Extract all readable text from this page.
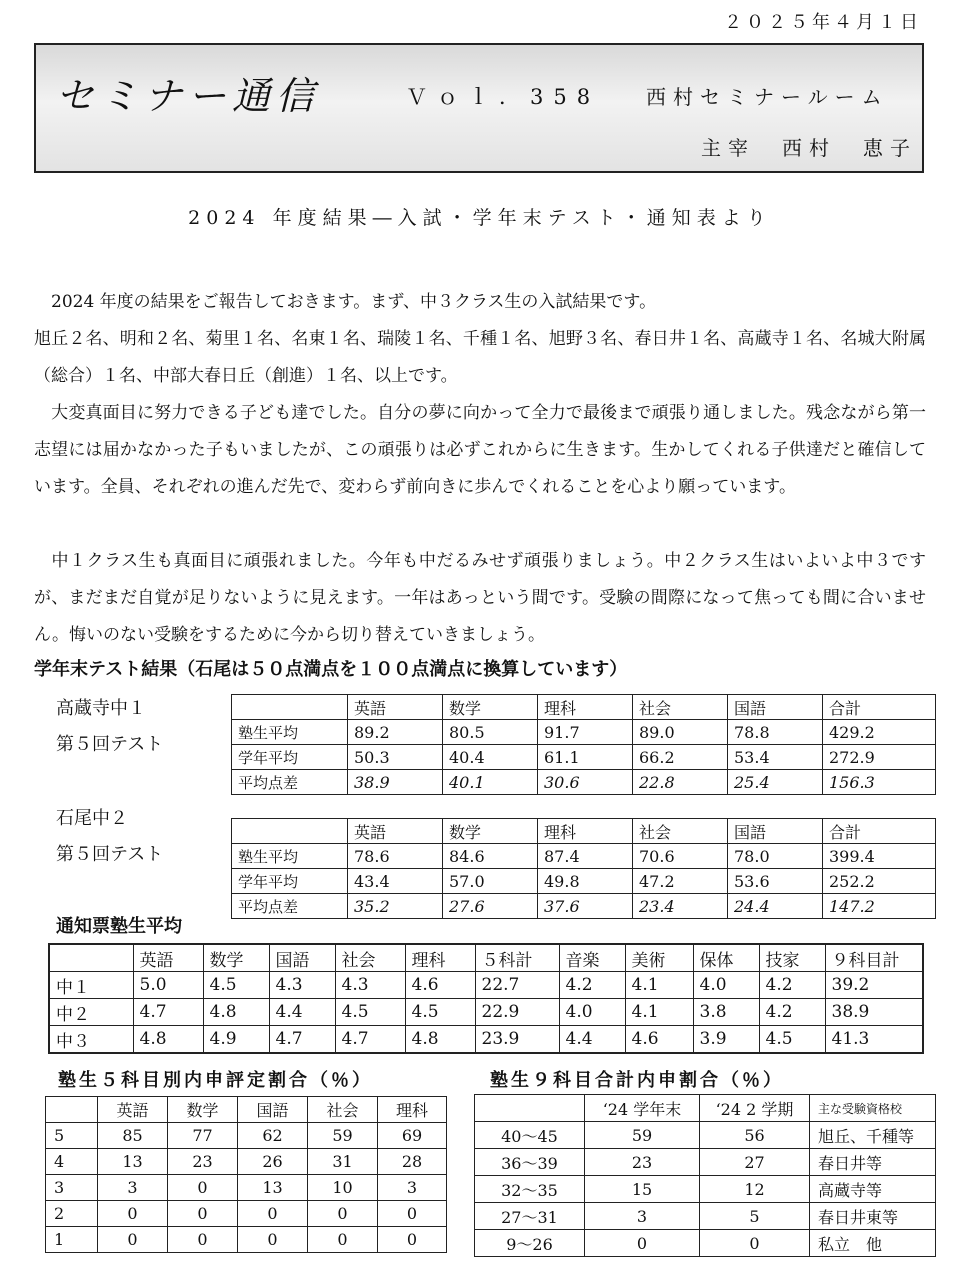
２０２５年４月１日
セミナー通信	Ｖｏｌ．358 西村セミナールーム
主宰　西村　恵子
2024 年度結果―入試・学年末テスト・通知表より
　2024 年度の結果をご報告しておきます。まず、中３クラス生の入試結果です。
旭丘２名、明和２名、菊里１名、名東１名、瑞陵１名、千種１名、旭野３名、春日井１名、高蔵寺１名、名城大附属（総合）１名、中部大春日丘（創進）１名、以上です。
　大変真面目に努力できる子ども達でした。自分の夢に向かって全力で最後まで頑張り通しました。残念ながら第一志望には届かなかった子もいましたが、この頑張りは必ずこれからに生きます。生かしてくれる子供達だと確信しています。全員、それぞれの進んだ先で、変わらず前向きに歩んでくれることを心より願っています。
　中１クラス生も真面目に頑張れました。今年も中だるみせず頑張りましょう。中２クラス生はいよいよ中３ですが、まだまだ自覚が足りないように見えます。一年はあっという間です。受験の間際になって焦っても間に合いません。悔いのない受験をするために今から切り替えていきましょう。
学年末テスト結果（石尾は５０点満点を１００点満点に換算しています）
高蔵寺中１
第５回テスト
	英語	数学	理科	社会	国語	合計
塾生平均	89.2	80.5	91.7	89.0	78.8	429.2
学年平均	50.3	40.4	61.1	66.2	53.4	272.9
平均点差	38.9	40.1	30.6	22.8	25.4	156.3
石尾中２
第５回テスト
	英語	数学	理科	社会	国語	合計
塾生平均	78.6	84.6	87.4	70.6	78.0	399.4
学年平均	43.4	57.0	49.8	47.2	53.6	252.2
平均点差	35.2	27.6	37.6	23.4	24.4	147.2
通知票塾生平均
	英語	数学	国語	社会	理科	５科計	音楽	美術	保体	技家	９科目計
中１	5.0	4.5	4.3	4.3	4.6	22.7	4.2	4.1	4.0	4.2	39.2
中２	4.7	4.8	4.4	4.5	4.5	22.9	4.0	4.1	3.8	4.2	38.9
中３	4.8	4.9	4.7	4.7	4.8	23.9	4.4	4.6	3.9	4.5	41.3
塾生５科目別内申評定割合（％）
	英語	数学	国語	社会	理科
5	85	77	62	59	69
4	13	23	26	31	28
3	3	0	13	10	3
2	0	0	0	0	0
1	0	0	0	0	0
塾生９科目合計内申割合（％）
	‘24 学年末	‘24 2 学期	主な受験資格校
40～45	59	56	旭丘、千種等
36～39	23	27	春日井等
32～35	15	12	高蔵寺等
27～31	3	5	春日井東等
9～26	0	0	私立　他
